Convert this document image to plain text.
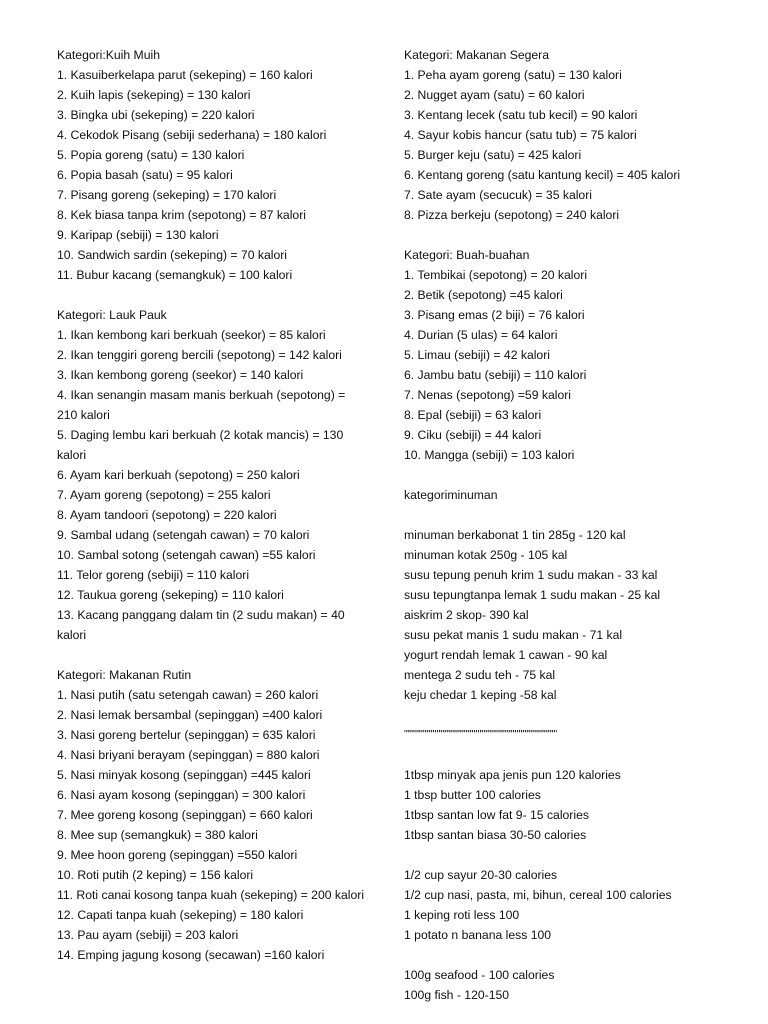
Kategori:Kuih Muih
1. Kasuiberkelapa parut (sekeping) = 160 kalori
2. Kuih lapis (sekeping) = 130 kalori
3. Bingka ubi (sekeping) = 220 kalori
4. Cekodok Pisang (sebiji sederhana) = 180 kalori
5. Popia goreng (satu) = 130 kalori
6. Popia basah (satu) = 95 kalori
7. Pisang goreng (sekeping) = 170 kalori
8. Kek biasa tanpa krim (sepotong) = 87 kalori
9. Karipap (sebiji) = 130 kalori
10. Sandwich sardin (sekeping) = 70 kalori
11. Bubur kacang (semangkuk) = 100 kalori
Kategori: Lauk Pauk
1. Ikan kembong kari berkuah (seekor) = 85 kalori
2. Ikan tenggiri goreng bercili (sepotong) = 142 kalori
3. Ikan kembong goreng (seekor) = 140 kalori
4. Ikan senangin masam manis berkuah (sepotong) = 210 kalori
5. Daging lembu kari berkuah (2 kotak mancis) = 130 kalori
6. Ayam kari berkuah (sepotong) = 250 kalori
7. Ayam goreng (sepotong) = 255 kalori
8. Ayam tandoori (sepotong) = 220 kalori
9. Sambal udang (setengah cawan) = 70 kalori
10. Sambal sotong (setengah cawan) =55 kalori
11. Telor goreng (sebiji) = 110 kalori
12. Taukua goreng (sekeping) = 110 kalori
13. Kacang panggang dalam tin (2 sudu makan) = 40 kalori
Kategori: Makanan Rutin
1. Nasi putih (satu setengah cawan) = 260 kalori
2. Nasi lemak bersambal (sepinggan) =400 kalori
3. Nasi goreng bertelur (sepinggan) = 635 kalori
4. Nasi briyani berayam (sepinggan) = 880 kalori
5. Nasi minyak kosong (sepinggan) =445 kalori
6. Nasi ayam kosong (sepinggan) = 300 kalori
7. Mee goreng kosong (sepinggan) = 660 kalori
8. Mee sup (semangkuk) = 380 kalori
9. Mee hoon goreng (sepinggan) =550 kalori
10. Roti putih (2 keping) = 156 kalori
11. Roti canai kosong tanpa kuah (sekeping) = 200 kalori
12. Capati tanpa kuah (sekeping) = 180 kalori
13. Pau ayam (sebiji) = 203 kalori
14. Emping jagung kosong (secawan) =160 kalori
Kategori: Makanan Segera
1. Peha ayam goreng (satu) = 130 kalori
2. Nugget ayam (satu) = 60 kalori
3. Kentang lecek (satu tub kecil) = 90 kalori
4. Sayur kobis hancur (satu tub) = 75 kalori
5. Burger keju (satu) = 425 kalori
6. Kentang goreng (satu kantung kecil) = 405 kalori
7. Sate ayam (secucuk) = 35 kalori
8. Pizza berkeju (sepotong) = 240 kalori
Kategori: Buah-buahan
1. Tembikai (sepotong) = 20 kalori
2. Betik (sepotong) =45 kalori
3. Pisang emas (2 biji) = 76 kalori
4. Durian (5 ulas) = 64 kalori
5. Limau (sebiji) = 42 kalori
6. Jambu batu (sebiji) = 110 kalori
7. Nenas (sepotong) =59 kalori
8. Epal (sebiji) = 63 kalori
9. Ciku (sebiji) = 44 kalori
10. Mangga (sebiji) = 103 kalori
kategoriminuman
minuman berkabonat 1 tin 285g - 120 kal
minuman kotak 250g - 105 kal
susu tepung penuh krim 1 sudu makan - 33 kal
susu tepungtanpa lemak 1 sudu makan - 25 kal
aiskrim 2 skop- 390 kal
susu pekat manis 1 sudu makan - 71 kal
yogurt rendah lemak 1 cawan - 90 kal
mentega 2 sudu teh - 75 kal
keju chedar 1 keping -58 kal
""""""""""""""""""""""""""""""""""""""""""""""""""""""""""""""""""""""""""
1tbsp minyak apa jenis pun 120 kalories
1 tbsp butter 100 calories
1tbsp santan low fat 9- 15 calories
1tbsp santan biasa 30-50 calories
1/2 cup sayur 20-30 calories
1/2 cup nasi, pasta, mi, bihun, cereal 100 calories
1 keping roti less 100
1 potato n banana less 100
100g seafood - 100 calories
100g fish - 120-150
